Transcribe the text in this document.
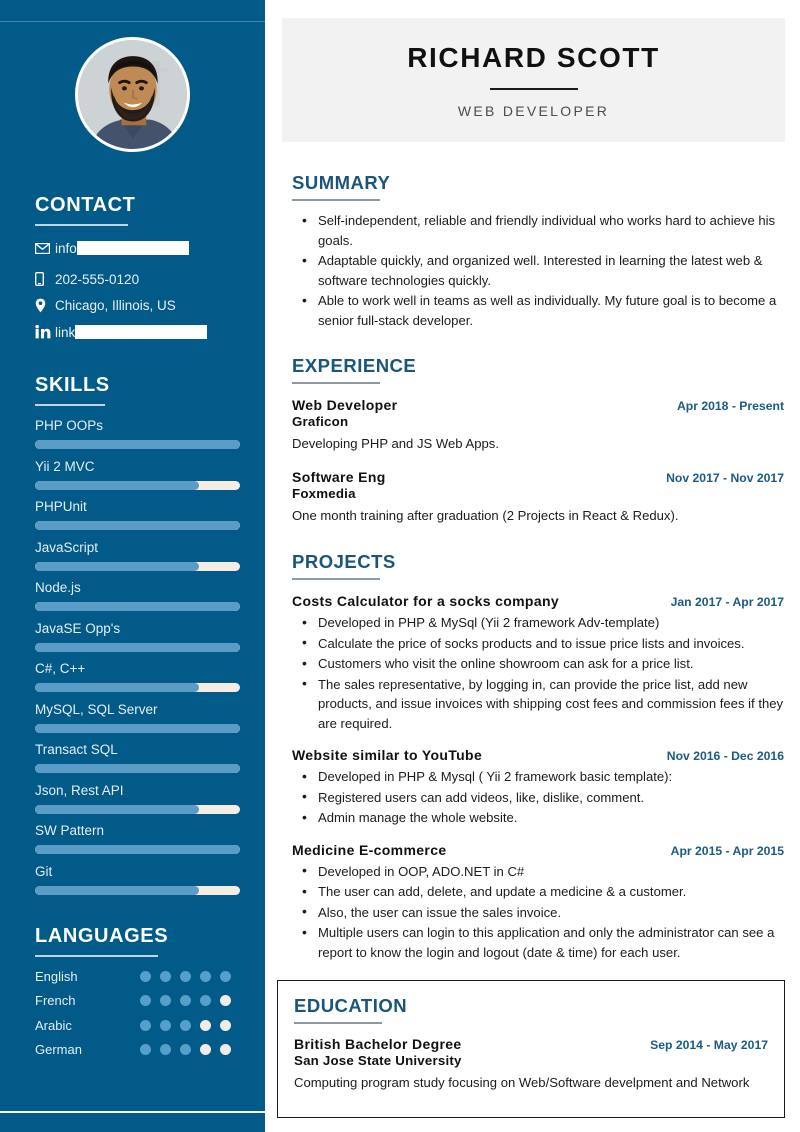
CONTACT
info
202-555-0120
Chicago, Illinois, US
link
SKILLS
PHP OOPs
Yii 2 MVC
PHPUnit
JavaScript
Node.js
JavaSE Opp's
C#, C++
MySQL, SQL Server
Transact SQL
Json, Rest API
SW Pattern
Git
LANGUAGES
English
French
Arabic
German
RICHARD SCOTT
WEB DEVELOPER
SUMMARY
• Self-independent, reliable and friendly individual who works hard to achieve his goals.
• Adaptable quickly, and organized well. Interested in learning the latest web & software technologies quickly.
• Able to work well in teams as well as individually. My future goal is to become a senior full-stack developer.
EXPERIENCE
Web Developer	Apr 2018 - Present
Graficon
Developing PHP and JS Web Apps.
Software Eng	Nov 2017 - Nov 2017
Foxmedia
One month training after graduation (2 Projects in React & Redux).
PROJECTS
Costs Calculator for a socks company	Jan 2017 - Apr 2017
• Developed in PHP & MySql (Yii 2 framework Adv-template)
• Calculate the price of socks products and to issue price lists and invoices.
• Customers who visit the online showroom can ask for a price list.
• The sales representative, by logging in, can provide the price list, add new products, and issue invoices with shipping cost fees and commission fees if they are required.
Website similar to YouTube	Nov 2016 - Dec 2016
• Developed in PHP & Mysql ( Yii 2 framework basic template):
• Registered users can add videos, like, dislike, comment.
• Admin manage the whole website.
Medicine E-commerce	Apr 2015 - Apr 2015
• Developed in OOP, ADO.NET in C#
• The user can add, delete, and update a medicine & a customer.
• Also, the user can issue the sales invoice.
• Multiple users can login to this application and only the administrator can see a report to know the login and logout (date & time) for each user.
EDUCATION
British Bachelor Degree	Sep 2014 - May 2017
San Jose State University
Computing program study focusing on Web/Software develpment and Network
